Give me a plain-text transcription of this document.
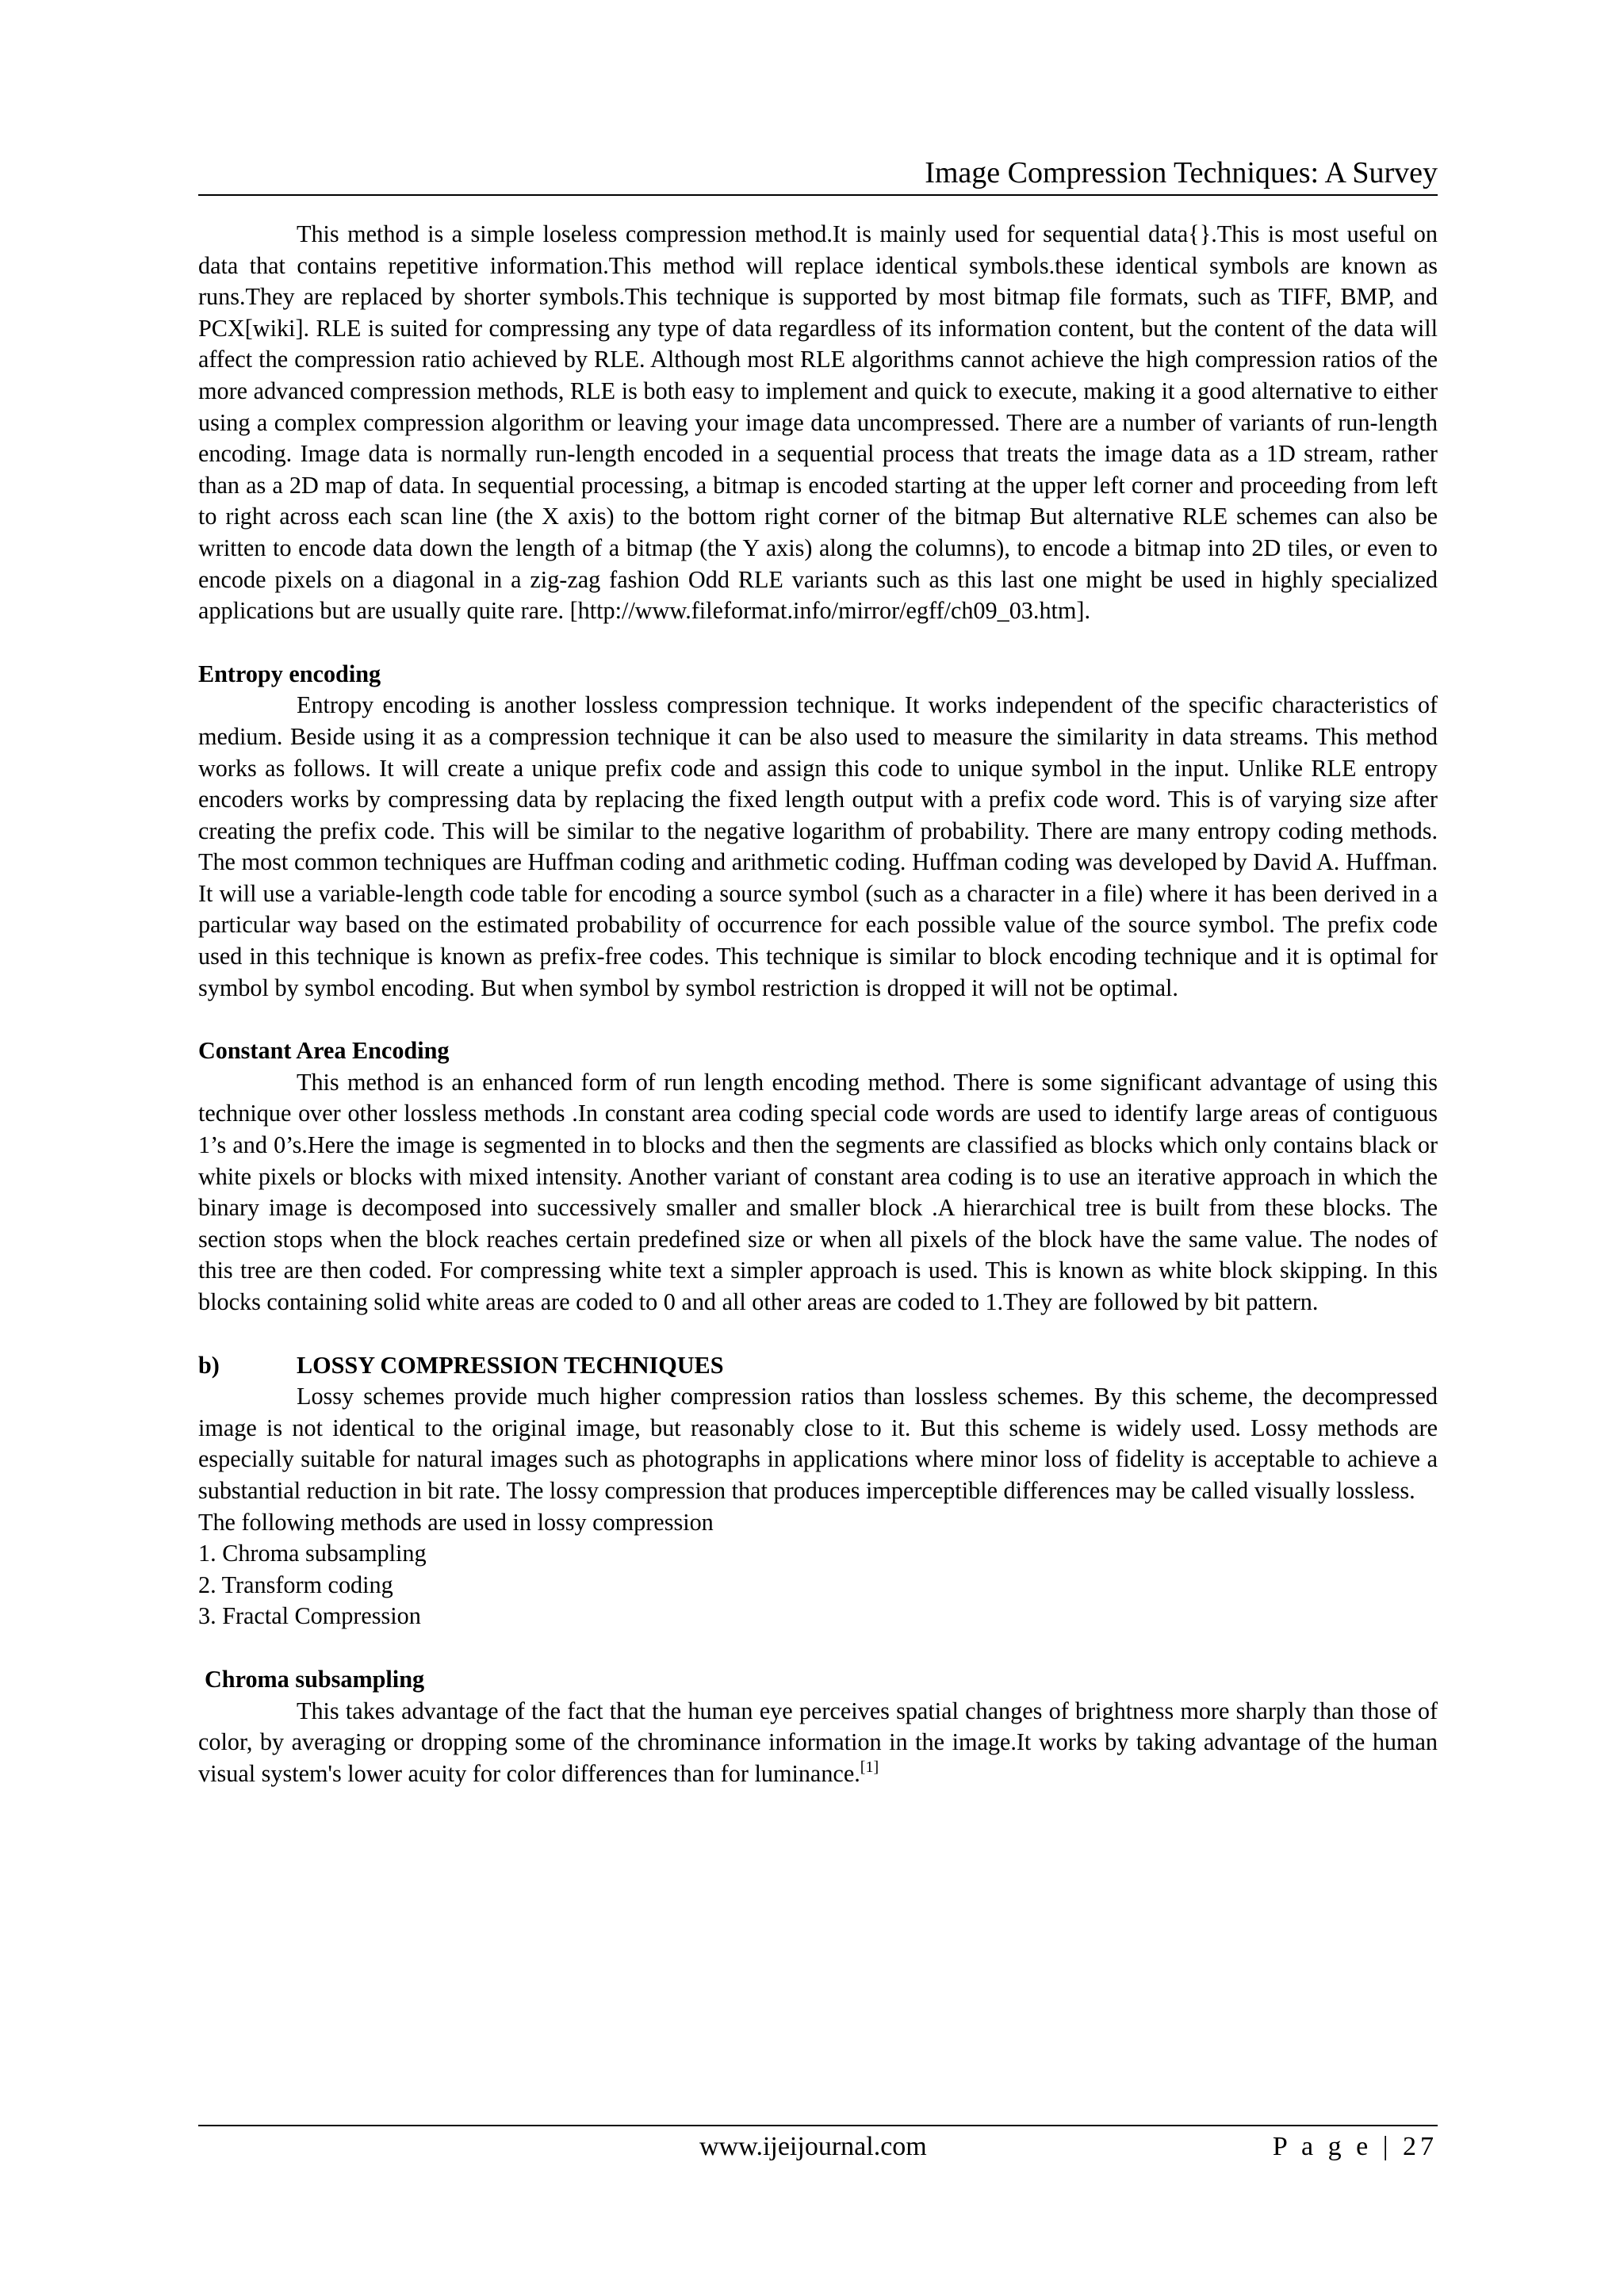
Image Compression Techniques: A Survey

This method is a simple loseless compression method.It is mainly used for sequential data{}.This is most useful on data that contains repetitive information.This method will replace identical symbols.these identical symbols are known as runs.They are replaced by shorter symbols.This technique is supported by most bitmap file formats, such as TIFF, BMP, and PCX[wiki]. RLE is suited for compressing any type of data regardless of its information content, but the content of the data will affect the compression ratio achieved by RLE. Although most RLE algorithms cannot achieve the high compression ratios of the more advanced compression methods, RLE is both easy to implement and quick to execute, making it a good alternative to either using a complex compression algorithm or leaving your image data uncompressed. There are a number of variants of run-length encoding. Image data is normally run-length encoded in a sequential process that treats the image data as a 1D stream, rather than as a 2D map of data. In sequential processing, a bitmap is encoded starting at the upper left corner and proceeding from left to right across each scan line (the X axis) to the bottom right corner of the bitmap But alternative RLE schemes can also be written to encode data down the length of a bitmap (the Y axis) along the columns), to encode a bitmap into 2D tiles, or even to encode pixels on a diagonal in a zig-zag fashion Odd RLE variants such as this last one might be used in highly specialized applications but are usually quite rare. [http://www.fileformat.info/mirror/egff/ch09_03.htm].

Entropy encoding

Entropy encoding is another lossless compression technique. It works independent of the specific characteristics of medium. Beside using it as a compression technique it can be also used to measure the similarity in data streams. This method works as follows. It will create a unique prefix code and assign this code to unique symbol in the input. Unlike RLE entropy encoders works by compressing data by replacing the fixed length output with a prefix code word. This is of varying size after creating the prefix code. This will be similar to the negative logarithm of probability. There are many entropy coding methods. The most common techniques are Huffman coding and arithmetic coding. Huffman coding was developed by David A. Huffman. It will use a variable-length code table for encoding a source symbol (such as a character in a file) where it has been derived in a particular way based on the estimated probability of occurrence for each possible value of the source symbol. The prefix code used in this technique is known as prefix-free codes. This technique is similar to block encoding technique and it is optimal for symbol by symbol encoding. But when symbol by symbol restriction is dropped it will not be optimal.

Constant Area Encoding

This method is an enhanced form of run length encoding method. There is some significant advantage of using this technique over other lossless methods .In constant area coding special code words are used to identify large areas of contiguous 1’s and 0’s.Here the image is segmented in to blocks and then the segments are classified as blocks which only contains black or white pixels or blocks with mixed intensity. Another variant of constant area coding is to use an iterative approach in which the binary image is decomposed into successively smaller and smaller block .A hierarchical tree is built from these blocks. The section stops when the block reaches certain predefined size or when all pixels of the block have the same value. The nodes of this tree are then coded. For compressing white text a simpler approach is used. This is known as white block skipping. In this blocks containing solid white areas are coded to 0 and all other areas are coded to 1.They are followed by bit pattern.

b)	LOSSY COMPRESSION TECHNIQUES

Lossy schemes provide much higher compression ratios than lossless schemes. By this scheme, the decompressed image is not identical to the original image, but reasonably close to it. But this scheme is widely used. Lossy methods are especially suitable for natural images such as photographs in applications where minor loss of fidelity is acceptable to achieve a substantial reduction in bit rate. The lossy compression that produces imperceptible differences may be called visually lossless.

The following methods are used in lossy compression

1. Chroma subsampling

2. Transform coding

3. Fractal Compression

Chroma subsampling

This takes advantage of the fact that the human eye perceives spatial changes of brightness more sharply than those of color, by averaging or dropping some of the chrominance information in the image.It works by taking advantage of the human visual system's lower acuity for color differences than for luminance.[1]

www.ijeijournal.com	P a g e | 27
